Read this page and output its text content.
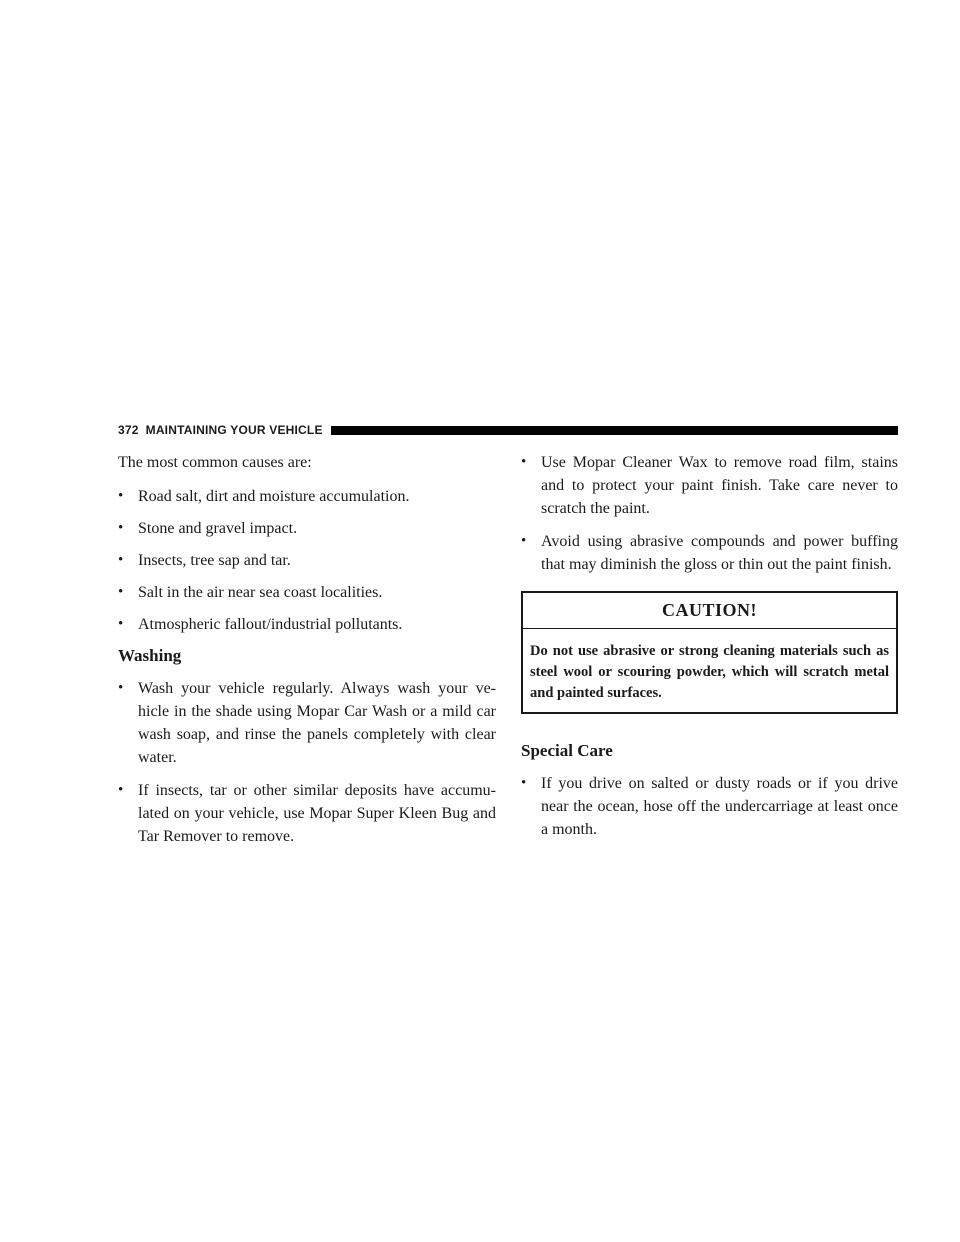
372 MAINTAINING YOUR VEHICLE

The most common causes are:

• Road salt, dirt and moisture accumulation.
• Stone and gravel impact.
• Insects, tree sap and tar.
• Salt in the air near sea coast localities.
• Atmospheric fallout/industrial pollutants.
Washing
• Wash your vehicle regularly. Always wash your ve- hicle in the shade using Mopar Car Wash or a mild car wash soap, and rinse the panels completely with clear water.
• If insects, tar or other similar deposits have accumu- lated on your vehicle, use Mopar Super Kleen Bug and Tar Remover to remove.
• Use Mopar Cleaner Wax to remove road film, stains and to protect your paint finish. Take care never to scratch the paint.
• Avoid using abrasive compounds and power buffing that may diminish the gloss or thin out the paint finish.
CAUTION!
Do not use abrasive or strong cleaning materials such as steel wool or scouring powder, which will scratch metal and painted surfaces.
Special Care
• If you drive on salted or dusty roads or if you drive near the ocean, hose off the undercarriage at least once a month.
